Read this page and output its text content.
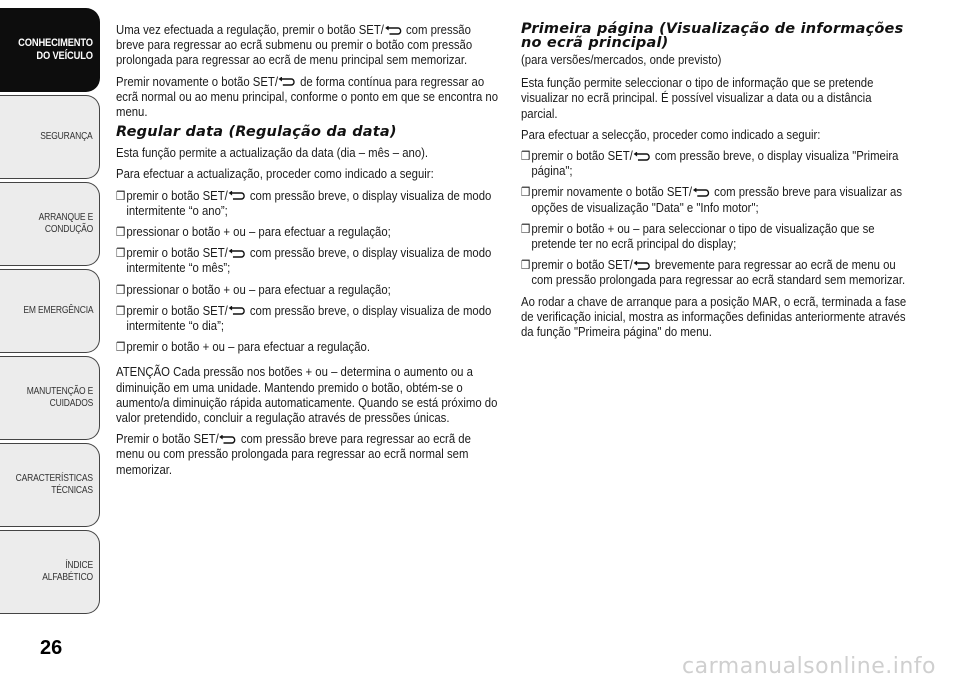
CONHECIMENTO
DO VEÍCULO
SEGURANÇA
ARRANQUE E
CONDUÇÃO
EM EMERGÊNCIA
MANUTENÇÃO E
CUIDADOS
CARACTERÍSTICAS
TÉCNICAS
ÍNDICE ALFABÉTICO
26

Uma vez efectuada a regulação, premir o botão SET/
com pressão breve para regressar ao ecrã submenu ou premir o botão com pressão prolongada para regressar ao ecrã de menu principal sem memorizar.

Premir novamente o botão SET/
de forma contínua para regressar ao ecrã normal ou ao menu principal, conforme o ponto em que se encontra no menu.

Regular data (Regulação da data)

Esta função permite a actualização da data (dia – mês – ano).

Para efectuar a actualização, proceder como indicado a seguir:

❒ premir o botão SET/
com pressão breve, o display visualiza de modo intermitente “o ano”;

❒ pressionar o botão + ou – para efectuar a regulação;

❒ premir o botão SET/
com pressão breve, o display visualiza de modo intermitente “o mês”;

❒ pressionar o botão + ou – para efectuar a regulação;

❒ premir o botão SET/
com pressão breve, o display visualiza de modo intermitente “o dia”;

❒ premir o botão + ou – para efectuar a regulação.

ATENÇÃO Cada pressão nos botões + ou – determina o aumento ou a diminuição em uma unidade. Mantendo premido o botão, obtém-se o aumento/a diminuição rápida automaticamente. Quando se está próximo do valor pretendido, concluir a regulação através de pressões únicas.

Premir o botão SET/
com pressão breve para regressar ao ecrã de menu ou com pressão prolongada para regressar ao ecrã normal sem memorizar.

Primeira página (Visualização de informações no ecrã principal)

(para versões/mercados, onde previsto)

Esta função permite seleccionar o tipo de informação que se pretende visualizar no ecrã principal. É possível visualizar a data ou a distância parcial.

Para efectuar a selecção, proceder como indicado a seguir:

❒ premir o botão SET/
com pressão breve, o display visualiza "Primeira página";

❒ premir novamente o botão SET/
com pressão breve para visualizar as opções de visualização "Data" e "Info motor";

❒ premir o botão + ou – para seleccionar o tipo de visualização que se pretende ter no ecrã principal do display;

❒ premir o botão SET/
brevemente para regressar ao ecrã de menu ou com pressão prolongada para regressar ao ecrã standard sem memorizar.

Ao rodar a chave de arranque para a posição MAR, o ecrã, terminada a fase de verificação inicial, mostra as informações definidas anteriormente através da função "Primeira página" do menu.

carmanualsonline.info
